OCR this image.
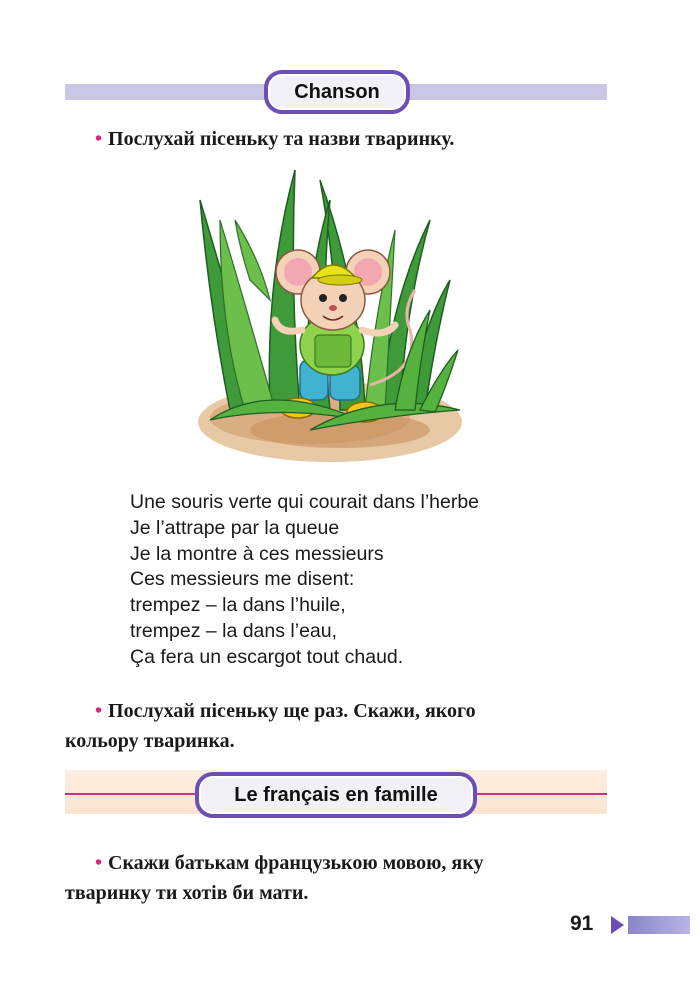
Chanson
• Послухай пісеньку та назви тваринку.
Une souris verte qui courait dans l’herbe
Je l’attrape par la queue
Je la montre à ces messieurs
Ces messieurs me disent:
trempez – la dans l’huile,
trempez – la dans l’eau,
Ça fera un escargot tout chaud.
• Послухай пісеньку ще раз. Скажи, якого
кольору тваринка.
Le français en famille
• Скажи батькам французькою мовою, яку
тваринку ти хотів би мати.
91
